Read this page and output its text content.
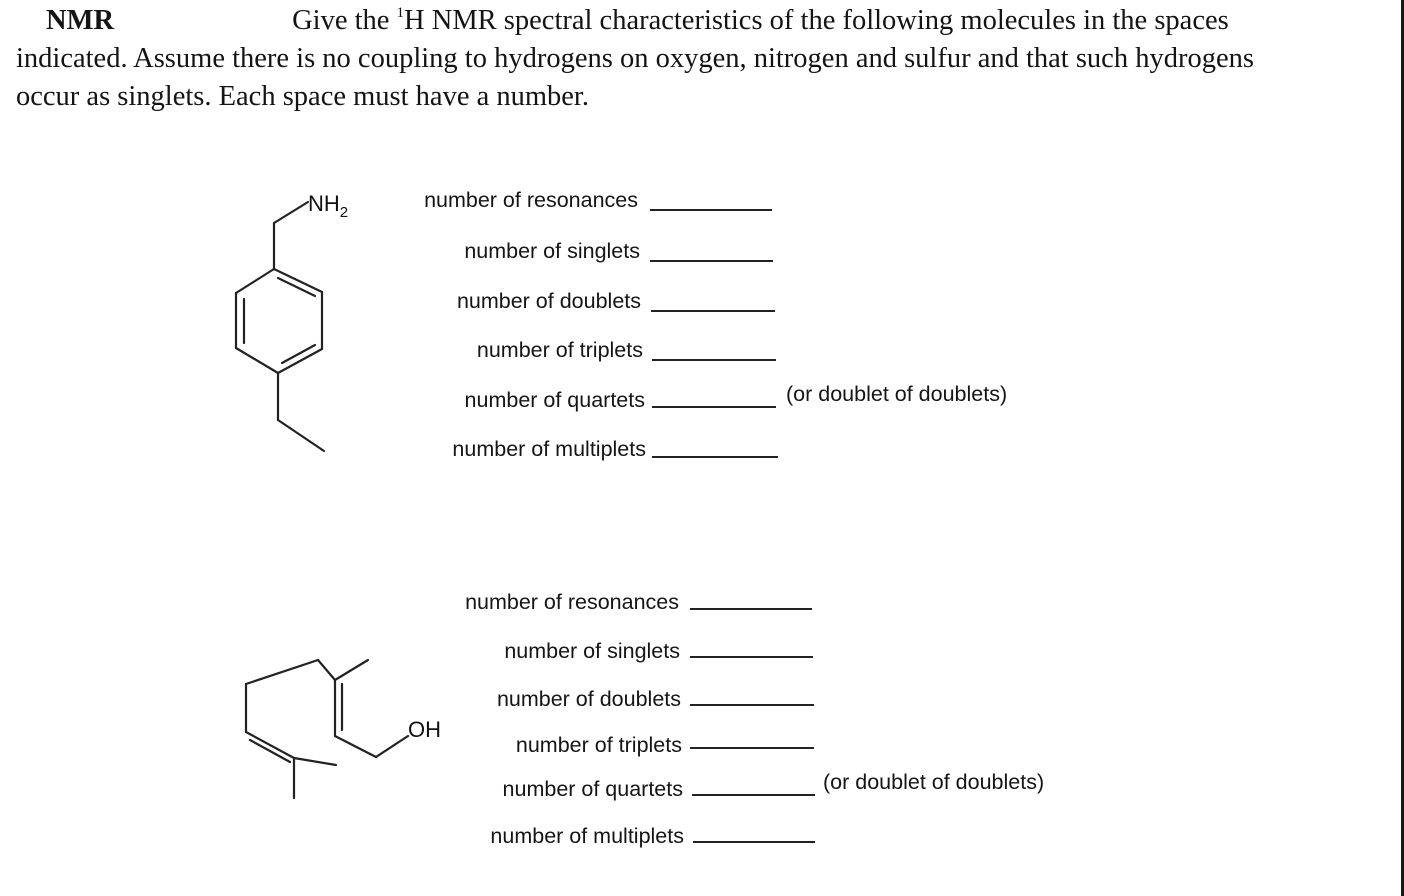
NMR	Give the $^1$H NMR spectral characteristics of the following molecules in the spaces
indicated. Assume there is no coupling to hydrogens on oxygen, nitrogen and sulfur and that such hydrogens
occur as singlets. Each space must have a number.
$NH_2$
OH
number of resonances
number of singlets
number of doublets
number of triplets
number of quartets	(or doublet of doublets)
number of multiplets
number of resonances
number of singlets
number of doublets
number of triplets
number of quartets	(or doublet of doublets)
number of multiplets
